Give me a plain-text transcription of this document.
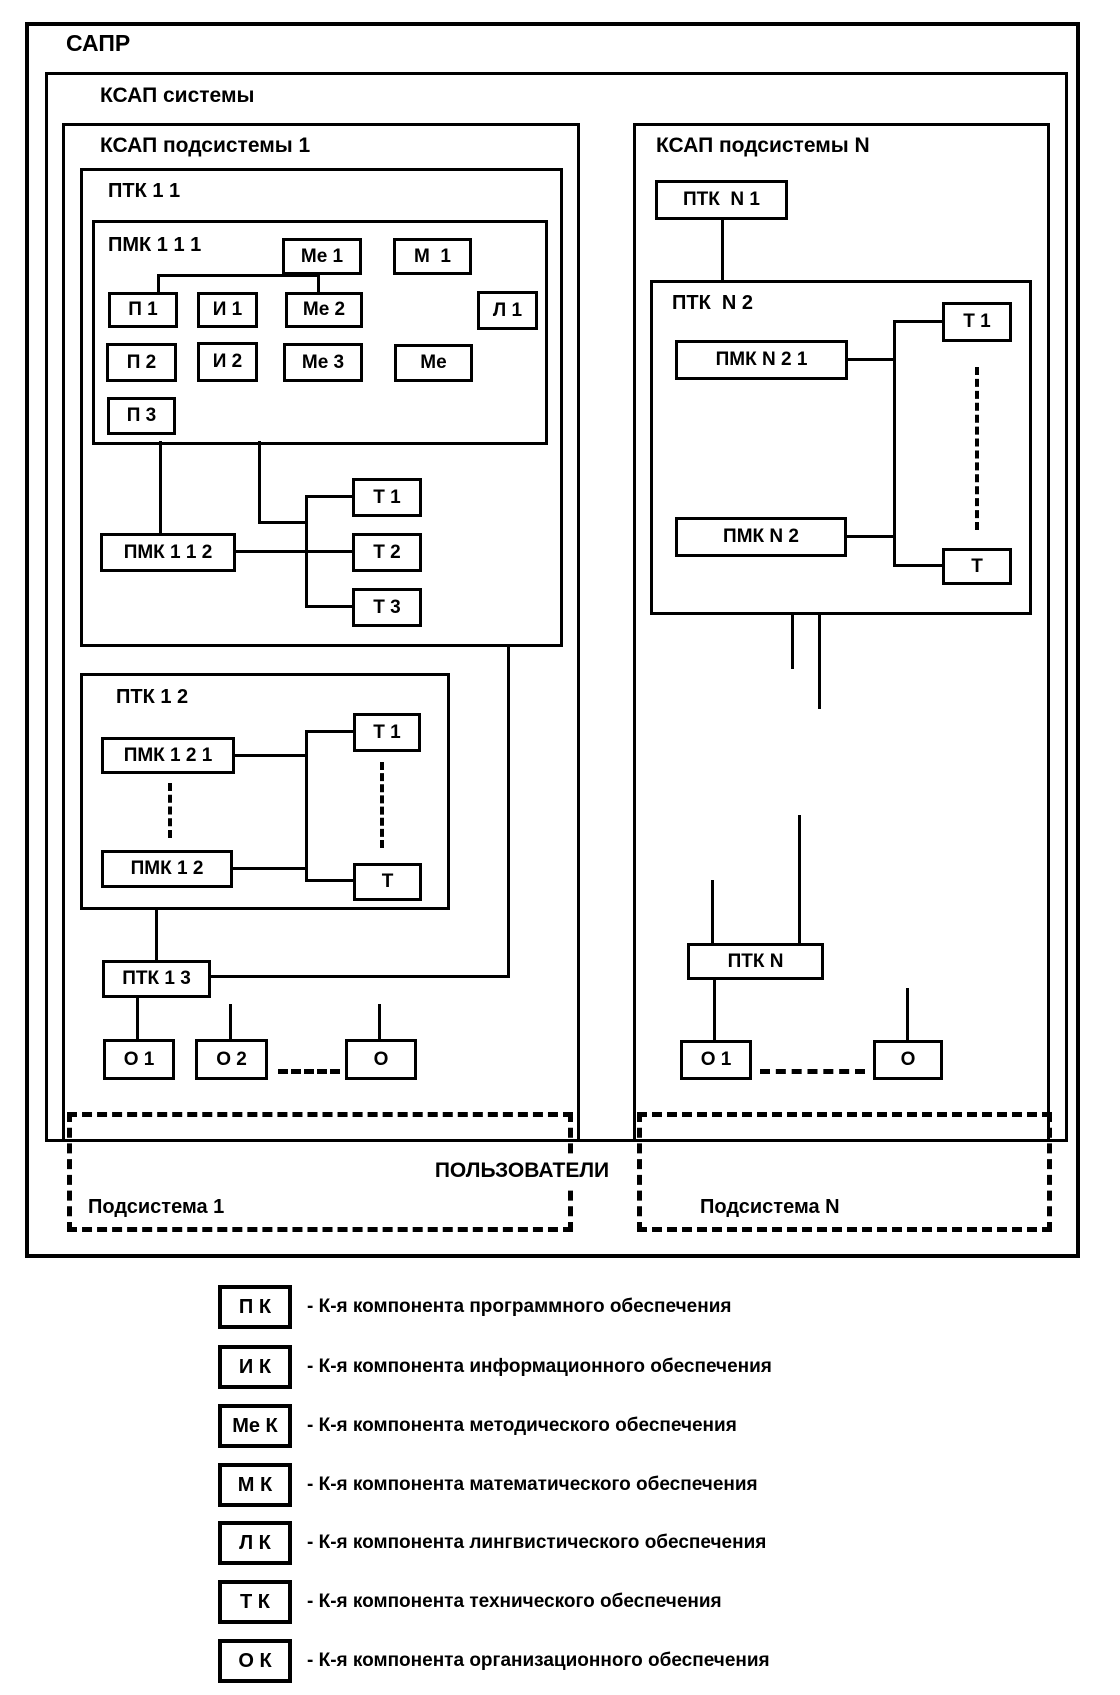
САПР
КСАП системы
КСАП подсистемы 1	КСАП подсистемы N
ПТК 1 1
ПМК 1 1 1
ПТК 1 2
ПТК  N 2
Ме 1	М  1
П 1	И 1	Ме 2	Л 1
П 2	И 2	Ме 3	Ме
П 3
ПМК 1 1 2
Т 1
Т 2
Т 3
ПМК 1 2 1
ПМК 1 2
Т 1
Т
ПТК 1 3
О 1	О 2	О
ПТК  N 1
ПМК N 2 1
ПМК N 2
Т 1
Т
ПТК N
О 1	О
ПОЛЬЗОВАТЕЛИ
Подсистема 1	Подсистема N
П К	- К-я компонента программного обеспечения
И К	- К-я компонента информационного обеспечения
Ме К	- К-я компонента методического обеспечения
М К	- К-я компонента математического обеспечения
Л К	- К-я компонента лингвистического обеспечения
Т К	- К-я компонента технического обеспечения
О К	- К-я компонента организационного обеспечения
